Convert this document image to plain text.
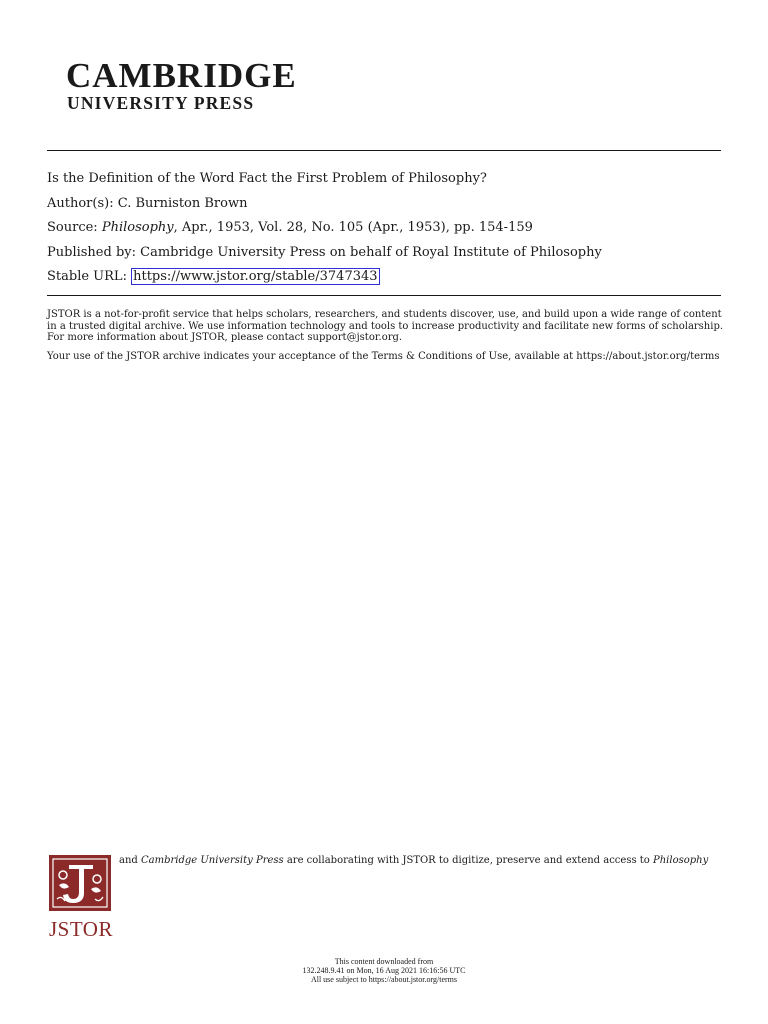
CAMBRIDGE
UNIVERSITY PRESS
Is the Definition of the Word Fact the First Problem of Philosophy?
Author(s): C. Burniston Brown
Source: Philosophy, Apr., 1953, Vol. 28, No. 105 (Apr., 1953), pp. 154-159
Published by: Cambridge University Press on behalf of Royal Institute of Philosophy
Stable URL: https://www.jstor.org/stable/3747343

JSTOR is a not-for-profit service that helps scholars, researchers, and students discover, use, and build upon a wide range of content in a trusted digital archive. We use information technology and tools to increase productivity and facilitate new forms of scholarship. For more information about JSTOR, please contact support@jstor.org.

Your use of the JSTOR archive indicates your acceptance of the Terms & Conditions of Use, available at https://about.jstor.org/terms

JSTOR
and Cambridge University Press are collaborating with JSTOR to digitize, preserve and extend access to Philosophy
This content downloaded from
132.248.9.41 on Mon, 16 Aug 2021 16:16:56 UTC
All use subject to https://about.jstor.org/terms
